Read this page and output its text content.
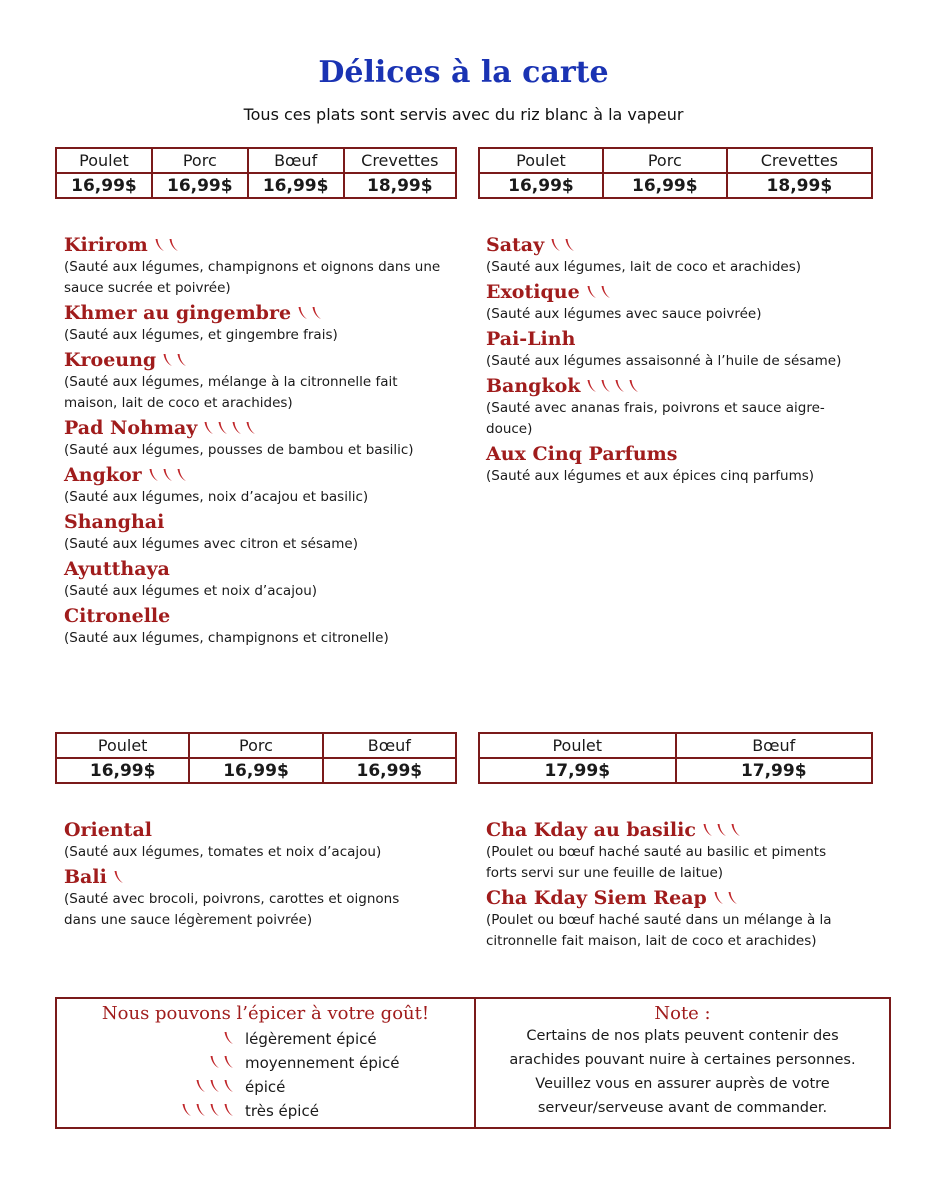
Délices à la carte
Tous ces plats sont servis avec du riz blanc à la vapeur
Poulet	Porc	Bœuf	Crevettes
16,99$	16,99$	16,99$	18,99$
Poulet	Porc	Crevettes
16,99$	16,99$	18,99$
Kirirom
(Sauté aux légumes, champignons et oignons dans une sauce sucrée et poivrée)
Khmer au gingembre
(Sauté aux légumes, et gingembre frais)
Kroeung
(Sauté aux légumes, mélange à la citronnelle fait maison, lait de coco et arachides)
Pad Nohmay
(Sauté aux légumes, pousses de bambou et basilic)
Angkor
(Sauté aux légumes, noix d’acajou et basilic)
Shanghai
(Sauté aux légumes avec citron et sésame)
Ayutthaya
(Sauté aux légumes et noix d’acajou)
Citronelle
(Sauté aux légumes, champignons et citronelle)
Satay
(Sauté aux légumes, lait de coco et arachides)
Exotique
(Sauté aux légumes avec sauce poivrée)
Pai-Linh
(Sauté aux légumes assaisonné à l’huile de sésame)
Bangkok
(Sauté avec ananas frais, poivrons et sauce aigre-douce)
Aux Cinq Parfums
(Sauté aux légumes et aux épices cinq parfums)
Poulet	Porc	Bœuf
16,99$	16,99$	16,99$
Poulet	Bœuf
17,99$	17,99$
Oriental
(Sauté aux légumes, tomates et noix d’acajou)
Bali
(Sauté avec brocoli, poivrons, carottes et oignons dans une sauce légèrement poivrée)
Cha Kday au basilic
(Poulet ou bœuf haché sauté au basilic et piments forts servi sur une feuille de laitue)
Cha Kday Siem Reap
(Poulet ou bœuf haché sauté dans un mélange à la citronnelle fait maison, lait de coco et arachides)
Nous pouvons l’épicer à votre goût!
légèrement épicé
moyennement épicé
épicé
très épicé
Note :
Certains de nos plats peuvent contenir des
arachides pouvant nuire à certaines personnes.
Veuillez vous en assurer auprès de votre
serveur/serveuse avant de commander.
